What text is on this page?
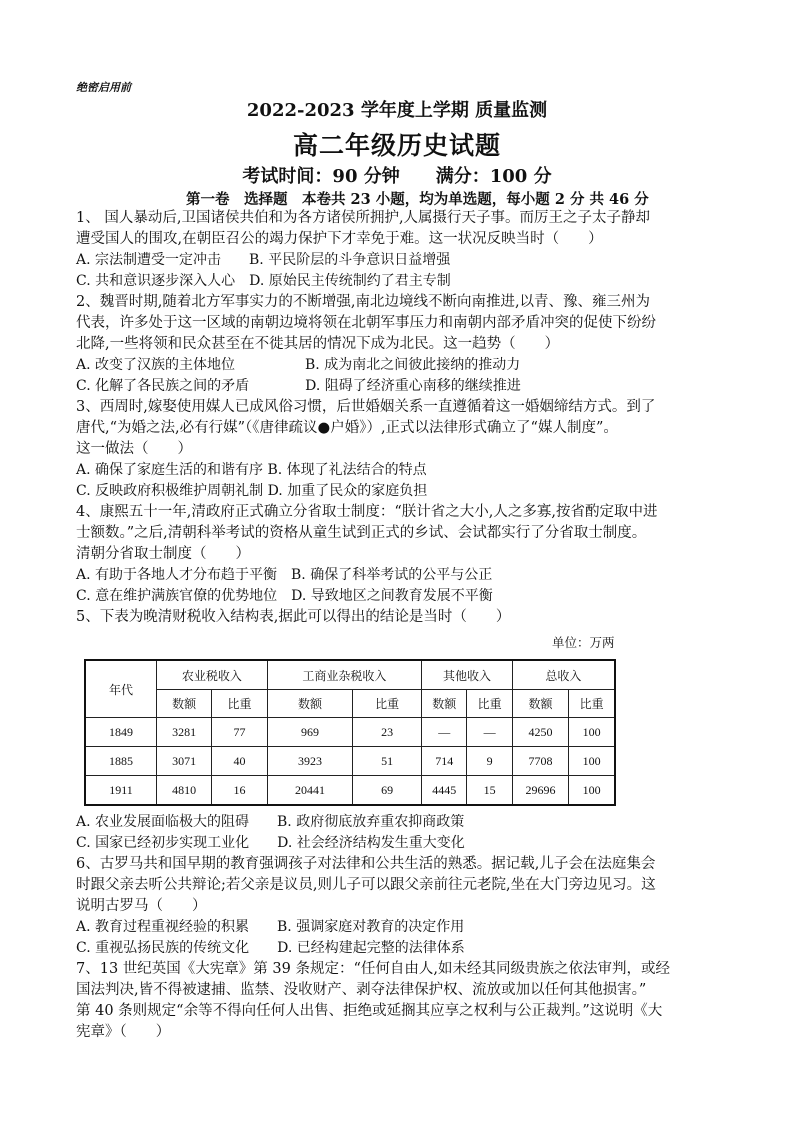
绝密启用前
2022-2023 学年度上学期 质量监测
高二年级历史试题
考试时间：90 分钟　　满分：100 分
第一卷　选择题　本卷共 23 小题，均为单选题，每小题 2 分 共 46 分
1、 国人暴动后,卫国诸侯共伯和为各方诸侯所拥护,人属摄行天子事。而厉王之子太子静却
遭受国人的围攻,在朝臣召公的竭力保护下才幸免于难。这一状况反映当时（　　）
A. 宗法制遭受一定冲击　　B. 平民阶层的斗争意识日益增强
C. 共和意识逐步深入人心　D. 原始民主传统制约了君主专制
2、魏晋时期,随着北方军事实力的不断增强,南北边境线不断向南推进,以青、豫、雍三州为
代表，许多处于这一区域的南朝边境将领在北朝军事压力和南朝内部矛盾冲突的促使下纷纷
北降,一些将领和民众甚至在不徙其居的情况下成为北民。这一趋势（　　）
A. 改变了汉族的主体地位　　　　　B. 成为南北之间彼此接纳的推动力
C. 化解了各民族之间的矛盾　　　　D. 阻碍了经济重心南移的继续推进
3、西周时,嫁娶使用媒人已成风俗习惯，后世婚姻关系一直遵循着这一婚姻缔结方式。到了
唐代,“为婚之法,必有行媒”（《唐律疏议●户婚》）,正式以法律形式确立了“媒人制度”。
这一做法（　　）
A. 确保了家庭生活的和谐有序 B. 体现了礼法结合的特点
C. 反映政府积极维护周朝礼制 D. 加重了民众的家庭负担
4、康熙五十一年,清政府正式确立分省取士制度：“朕计省之大小,人之多寡,按省酌定取中进
士额数。”之后,清朝科举考试的资格从童生试到正式的乡试、会试都实行了分省取士制度。
清朝分省取士制度（　　）
A. 有助于各地人才分布趋于平衡　B. 确保了科举考试的公平与公正
C. 意在维护满族官僚的优势地位　D. 导致地区之间教育发展不平衡
5、下表为晚清财税收入结构表,据此可以得出的结论是当时（　　）
单位：万两
年代	农业税收入		工商业杂税收入		其他收入		总收入	
	数额	比重	数额	比重	数额	比重	数额	比重
1849	3281	77	969	23	—	—	4250	100
1885	3071	40	3923	51	714	9	7708	100
1911	4810	16	20441	69	4445	15	29696	100
A. 农业发展面临极大的阻碍　　B. 政府彻底放弃重农抑商政策
C. 国家已经初步实现工业化　　D. 社会经济结构发生重大变化
6、古罗马共和国早期的教育强调孩子对法律和公共生活的熟悉。据记载,儿子会在法庭集会
时跟父亲去听公共辩论;若父亲是议员,则儿子可以跟父亲前往元老院,坐在大门旁边见习。这
说明古罗马（　　）
A. 教育过程重视经验的积累　　B. 强调家庭对教育的决定作用
C. 重视弘扬民族的传统文化　　D. 已经构建起完整的法律体系
7、13 世纪英国《大宪章》第 39 条规定：“任何自由人,如未经其同级贵族之依法审判，或经
国法判决,皆不得被逮捕、监禁、没收财产、剥夺法律保护权、流放或加以任何其他损害。”
第 40 条则规定“余等不得向任何人出售、拒绝或延搁其应享之权利与公正裁判。”这说明《大
宪章》（　　）
